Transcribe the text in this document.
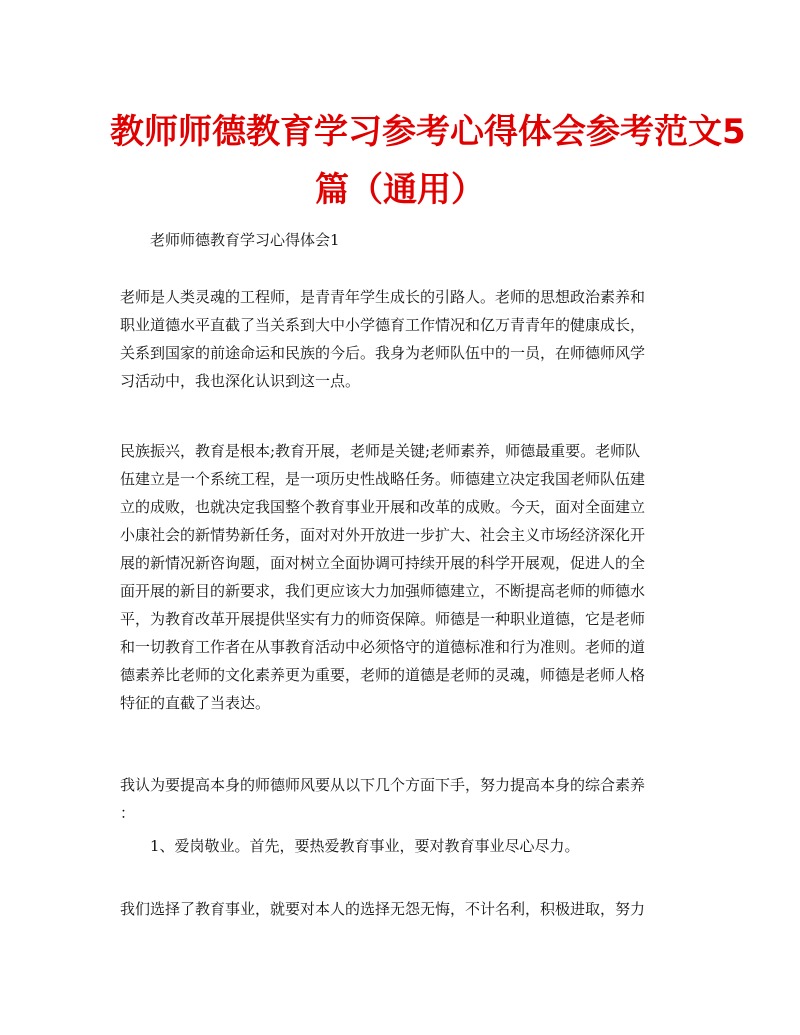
教师师德教育学习参考心得体会参考范文5
篇（通用）
老师师德教育学习心得体会1
老师是人类灵魂的工程师，是青青年学生成长的引路人。老师的思想政治素养和
职业道德水平直截了当关系到大中小学德育工作情况和亿万青青年的健康成长，
关系到国家的前途命运和民族的今后。我身为老师队伍中的一员，在师德师风学
习活动中，我也深化认识到这一点。
民族振兴，教育是根本;教育开展，老师是关键;老师素养，师德最重要。老师队
伍建立是一个系统工程，是一项历史性战略任务。师德建立决定我国老师队伍建
立的成败，也就决定我国整个教育事业开展和改革的成败。今天，面对全面建立
小康社会的新情势新任务，面对对外开放进一步扩大、社会主义市场经济深化开
展的新情况新咨询题，面对树立全面协调可持续开展的科学开展观，促进人的全
面开展的新目的新要求，我们更应该大力加强师德建立，不断提高老师的师德水
平，为教育改革开展提供坚实有力的师资保障。师德是一种职业道德，它是老师
和一切教育工作者在从事教育活动中必须恪守的道德标准和行为准则。老师的道
德素养比老师的文化素养更为重要，老师的道德是老师的灵魂，师德是老师人格
特征的直截了当表达。
我认为要提高本身的师德师风要从以下几个方面下手，努力提高本身的综合素养
：
1、爱岗敬业。首先，要热爱教育事业，要对教育事业尽心尽力。
我们选择了教育事业，就要对本人的选择无怨无悔，不计名利，积极进取，努力
